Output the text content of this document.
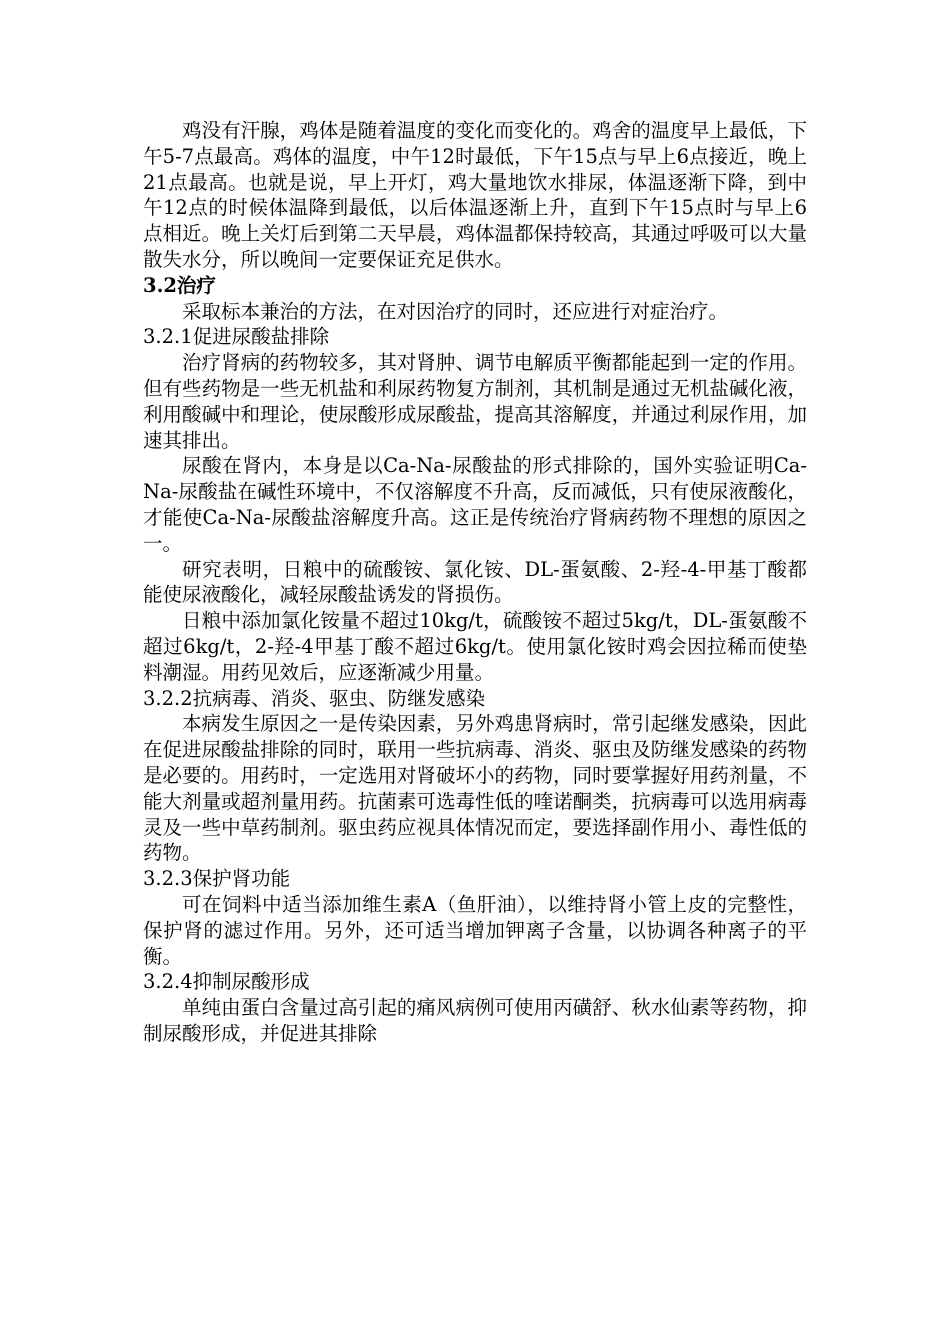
鸡没有汗腺，鸡体是随着温度的变化而变化的。鸡舍的温度早上最低，下午5-7点最高。鸡体的温度，中午12时最低，下午15点与早上6点接近，晚上21点最高。也就是说，早上开灯，鸡大量地饮水排尿，体温逐渐下降，到中午12点的时候体温降到最低，以后体温逐渐上升，直到下午15点时与早上6点相近。晚上关灯后到第二天早晨，鸡体温都保持较高，其通过呼吸可以大量散失水分，所以晚间一定要保证充足供水。

3.2治疗

采取标本兼治的方法，在对因治疗的同时，还应进行对症治疗。

3.2.1促进尿酸盐排除

治疗肾病的药物较多，其对肾肿、调节电解质平衡都能起到一定的作用。但有些药物是一些无机盐和利尿药物复方制剂，其机制是通过无机盐碱化液，利用酸碱中和理论，使尿酸形成尿酸盐，提高其溶解度，并通过利尿作用，加速其排出。

尿酸在肾内，本身是以Ca-Na-尿酸盐的形式排除的，国外实验证明Ca-Na-尿酸盐在碱性环境中，不仅溶解度不升高，反而减低，只有使尿液酸化，才能使Ca-Na-尿酸盐溶解度升高。这正是传统治疗肾病药物不理想的原因之一。

研究表明，日粮中的硫酸铵、氯化铵、DL-蛋氨酸、2-羟-4-甲基丁酸都能使尿液酸化，减轻尿酸盐诱发的肾损伤。

日粮中添加氯化铵量不超过10kg/t，硫酸铵不超过5kg/t，DL-蛋氨酸不超过6kg/t，2-羟-4甲基丁酸不超过6kg/t。使用氯化铵时鸡会因拉稀而使垫料潮湿。用药见效后，应逐渐减少用量。

3.2.2抗病毒、消炎、驱虫、防继发感染

本病发生原因之一是传染因素，另外鸡患肾病时，常引起继发感染，因此在促进尿酸盐排除的同时，联用一些抗病毒、消炎、驱虫及防继发感染的药物是必要的。用药时，一定选用对肾破坏小的药物，同时要掌握好用药剂量，不能大剂量或超剂量用药。抗菌素可选毒性低的喹诺酮类，抗病毒可以选用病毒灵及一些中草药制剂。驱虫药应视具体情况而定，要选择副作用小、毒性低的药物。

3.2.3保护肾功能

可在饲料中适当添加维生素A（鱼肝油），以维持肾小管上皮的完整性，保护肾的滤过作用。另外，还可适当增加钾离子含量，以协调各种离子的平衡。

3.2.4抑制尿酸形成

单纯由蛋白含量过高引起的痛风病例可使用丙磺舒、秋水仙素等药物，抑制尿酸形成，并促进其排除
